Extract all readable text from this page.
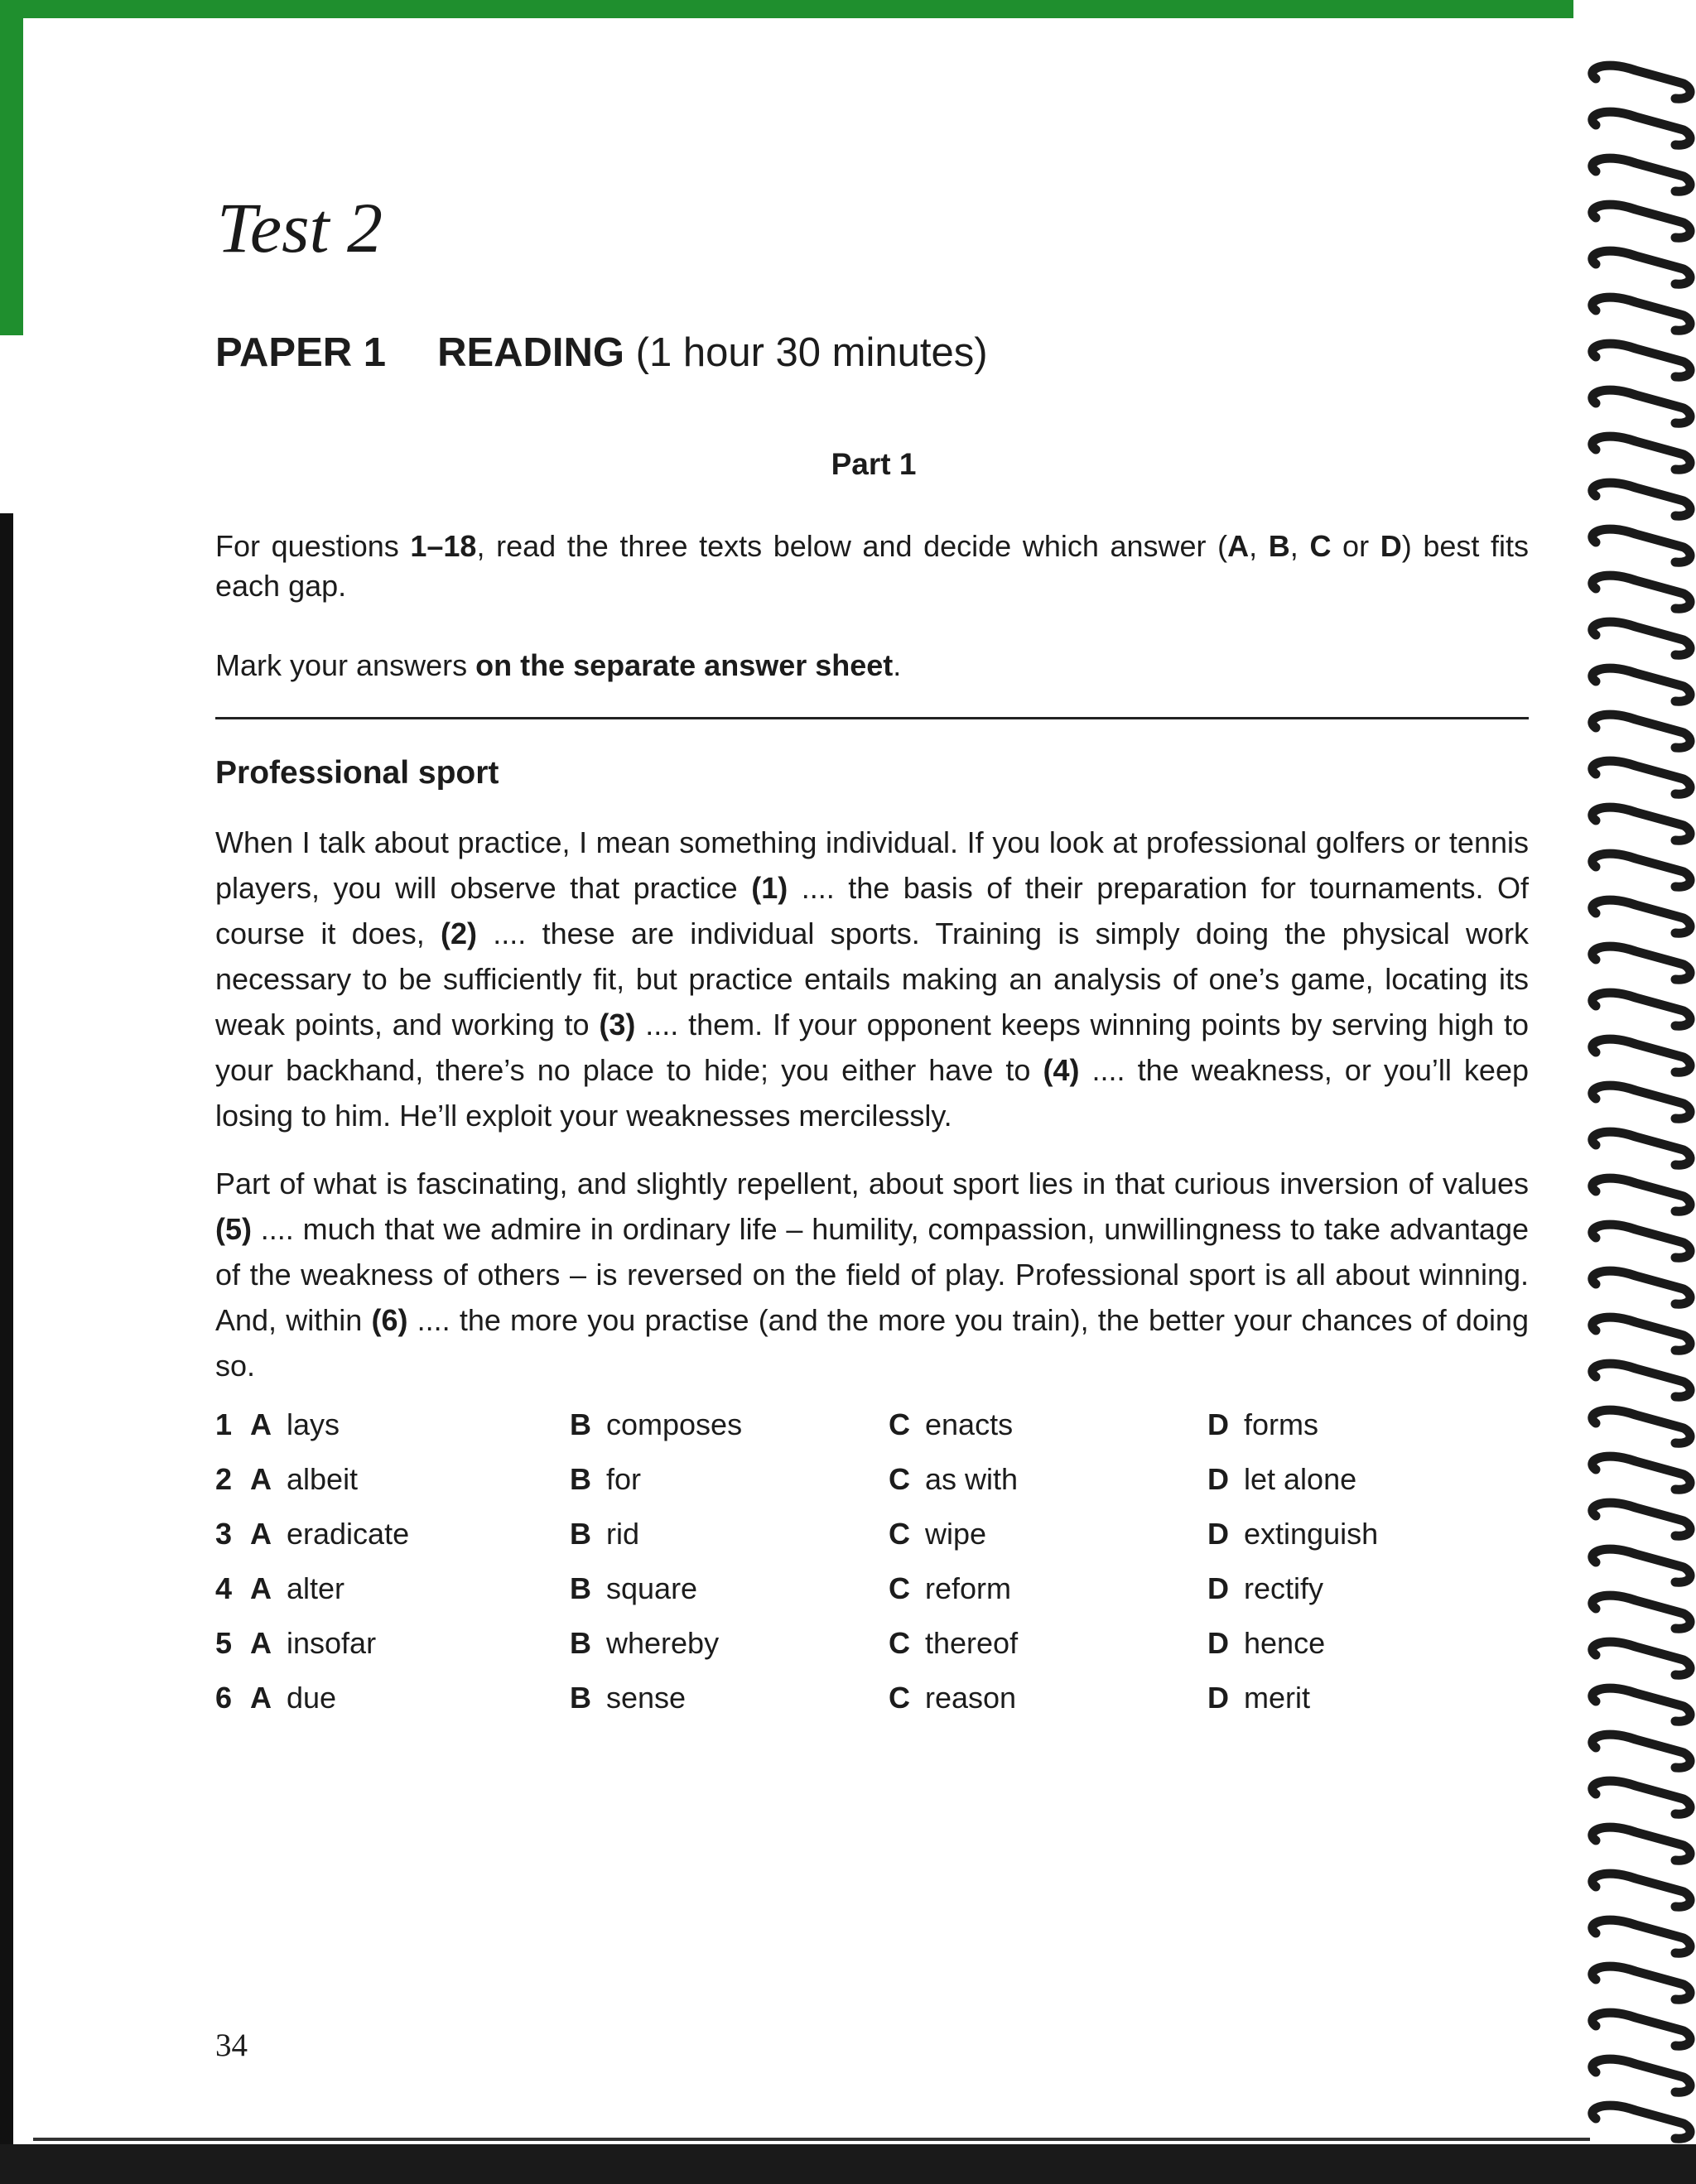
Test 2
PAPER 1 READING (1 hour 30 minutes)
Part 1

For questions 1–18, read the three texts below and decide which answer (A, B, C or D) best fits each gap.

Mark your answers on the separate answer sheet.

Professional sport

When I talk about practice, I mean something individual. If you look at professional golfers or tennis players, you will observe that practice (1) .... the basis of their preparation for tournaments. Of course it does, (2) .... these are individual sports. Training is simply doing the physical work necessary to be sufficiently fit, but practice entails making an analysis of one’s game, locating its weak points, and working to (3) .... them. If your opponent keeps winning points by serving high to your backhand, there’s no place to hide; you either have to (4) .... the weakness, or you’ll keep losing to him. He’ll exploit your weaknesses mercilessly.

Part of what is fascinating, and slightly repellent, about sport lies in that curious inversion of values (5) .... much that we admire in ordinary life – humility, compassion, unwillingness to take advantage of the weakness of others – is reversed on the field of play. Professional sport is all about winning. And, within (6) .... the more you practise (and the more you train), the better your chances of doing so.

1 A lays	B composes	C enacts	D forms
2 A albeit	B for	C as with	D let alone
3 A eradicate	B rid	C wipe	D extinguish
4 A alter	B square	C reform	D rectify
5 A insofar	B whereby	C thereof	D hence
6 A due	B sense	C reason	D merit

34
